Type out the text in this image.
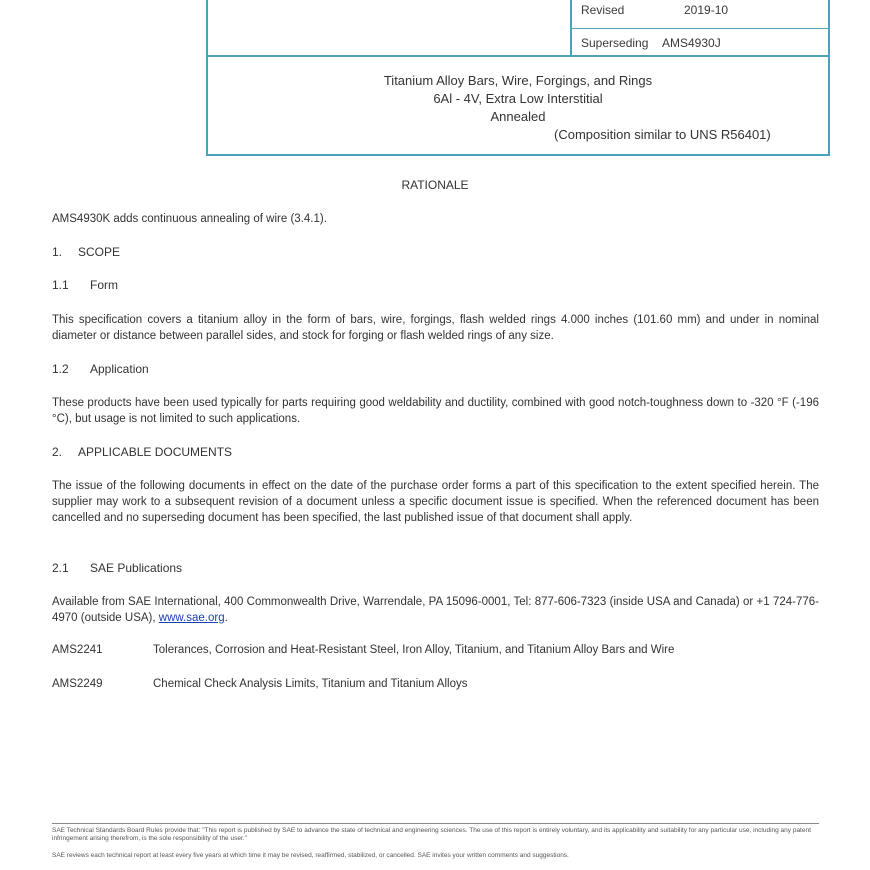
Revised	2019-10
Superseding AMS4930J
Titanium Alloy Bars, Wire, Forgings, and Rings
6Al - 4V, Extra Low Interstitial
Annealed
(Composition similar to UNS R56401)
RATIONALE
AMS4930K adds continuous annealing of wire (3.4.1).
1. SCOPE
1.1 Form
This specification covers a titanium alloy in the form of bars, wire, forgings, flash welded rings 4.000 inches (101.60 mm) and under in nominal diameter or distance between parallel sides, and stock for forging or flash welded rings of any size.
1.2 Application
These products have been used typically for parts requiring good weldability and ductility, combined with good notch-toughness down to -320 °F (-196 °C), but usage is not limited to such applications.
2. APPLICABLE DOCUMENTS
The issue of the following documents in effect on the date of the purchase order forms a part of this specification to the extent specified herein. The supplier may work to a subsequent revision of a document unless a specific document issue is specified. When the referenced document has been cancelled and no superseding document has been specified, the last published issue of that document shall apply.
2.1 SAE Publications
Available from SAE International, 400 Commonwealth Drive, Warrendale, PA 15096-0001, Tel: 877-606-7323 (inside USA and Canada) or +1 724-776-4970 (outside USA), www.sae.org.
AMS2241	Tolerances, Corrosion and Heat-Resistant Steel, Iron Alloy, Titanium, and Titanium Alloy Bars and Wire
AMS2249	Chemical Check Analysis Limits, Titanium and Titanium Alloys
SAE Technical Standards Board Rules provide that: "This report is published by SAE to advance the state of technical and engineering sciences. The use of this report is entirely voluntary, and its applicability and suitability for any particular use, including any patent infringement arising therefrom, is the sole responsibility of the user."
SAE reviews each technical report at least every five years at which time it may be revised, reaffirmed, stabilized, or cancelled. SAE invites your written comments and suggestions.
